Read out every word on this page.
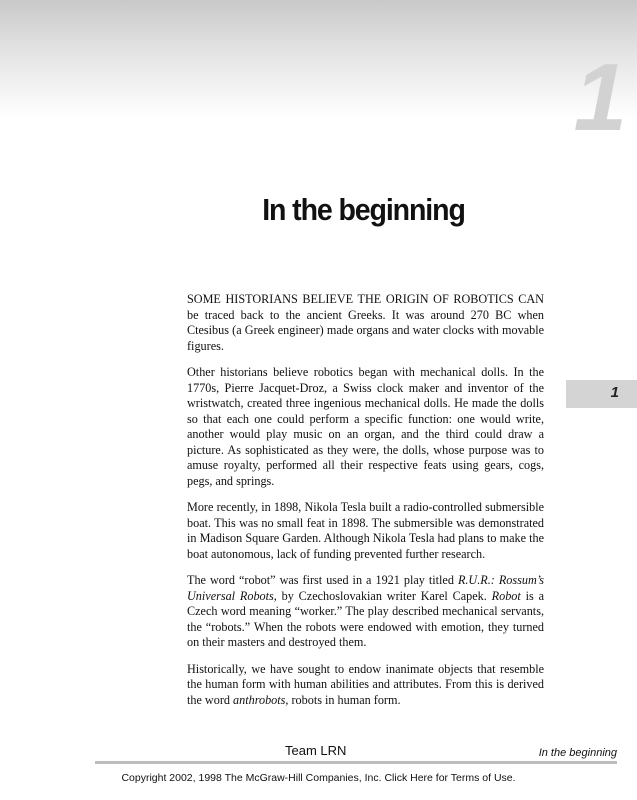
1
In the beginning
1

SOME HISTORIANS BELIEVE THE ORIGIN OF ROBOTICS CAN be traced back to the ancient Greeks. It was around 270 BC when Ctesibus (a Greek engineer) made organs and water clocks with movable figures.

Other historians believe robotics began with mechanical dolls. In the 1770s, Pierre Jacquet-Droz, a Swiss clock maker and inventor of the wristwatch, created three ingenious mechanical dolls. He made the dolls so that each one could perform a specific function: one would write, another would play music on an organ, and the third could draw a picture. As sophisticated as they were, the dolls, whose purpose was to amuse royalty, performed all their respective feats using gears, cogs, pegs, and springs.

More recently, in 1898, Nikola Tesla built a radio-controlled submersible boat. This was no small feat in 1898. The submersible was demonstrated in Madison Square Garden. Although Nikola Tesla had plans to make the boat autonomous, lack of funding prevented further research.

The word “robot” was first used in a 1921 play titled R.U.R.: Rossum’s Universal Robots, by Czechoslovakian writer Karel Capek. Robot is a Czech word meaning “worker.” The play described mechanical servants, the “robots.” When the robots were endowed with emotion, they turned on their masters and destroyed them.

Historically, we have sought to endow inanimate objects that resemble the human form with human abilities and attributes. From this is derived the word anthrobots, robots in human form.

Team LRN	In the beginning
Copyright 2002, 1998 The McGraw-Hill Companies, Inc. Click Here for Terms of Use.
